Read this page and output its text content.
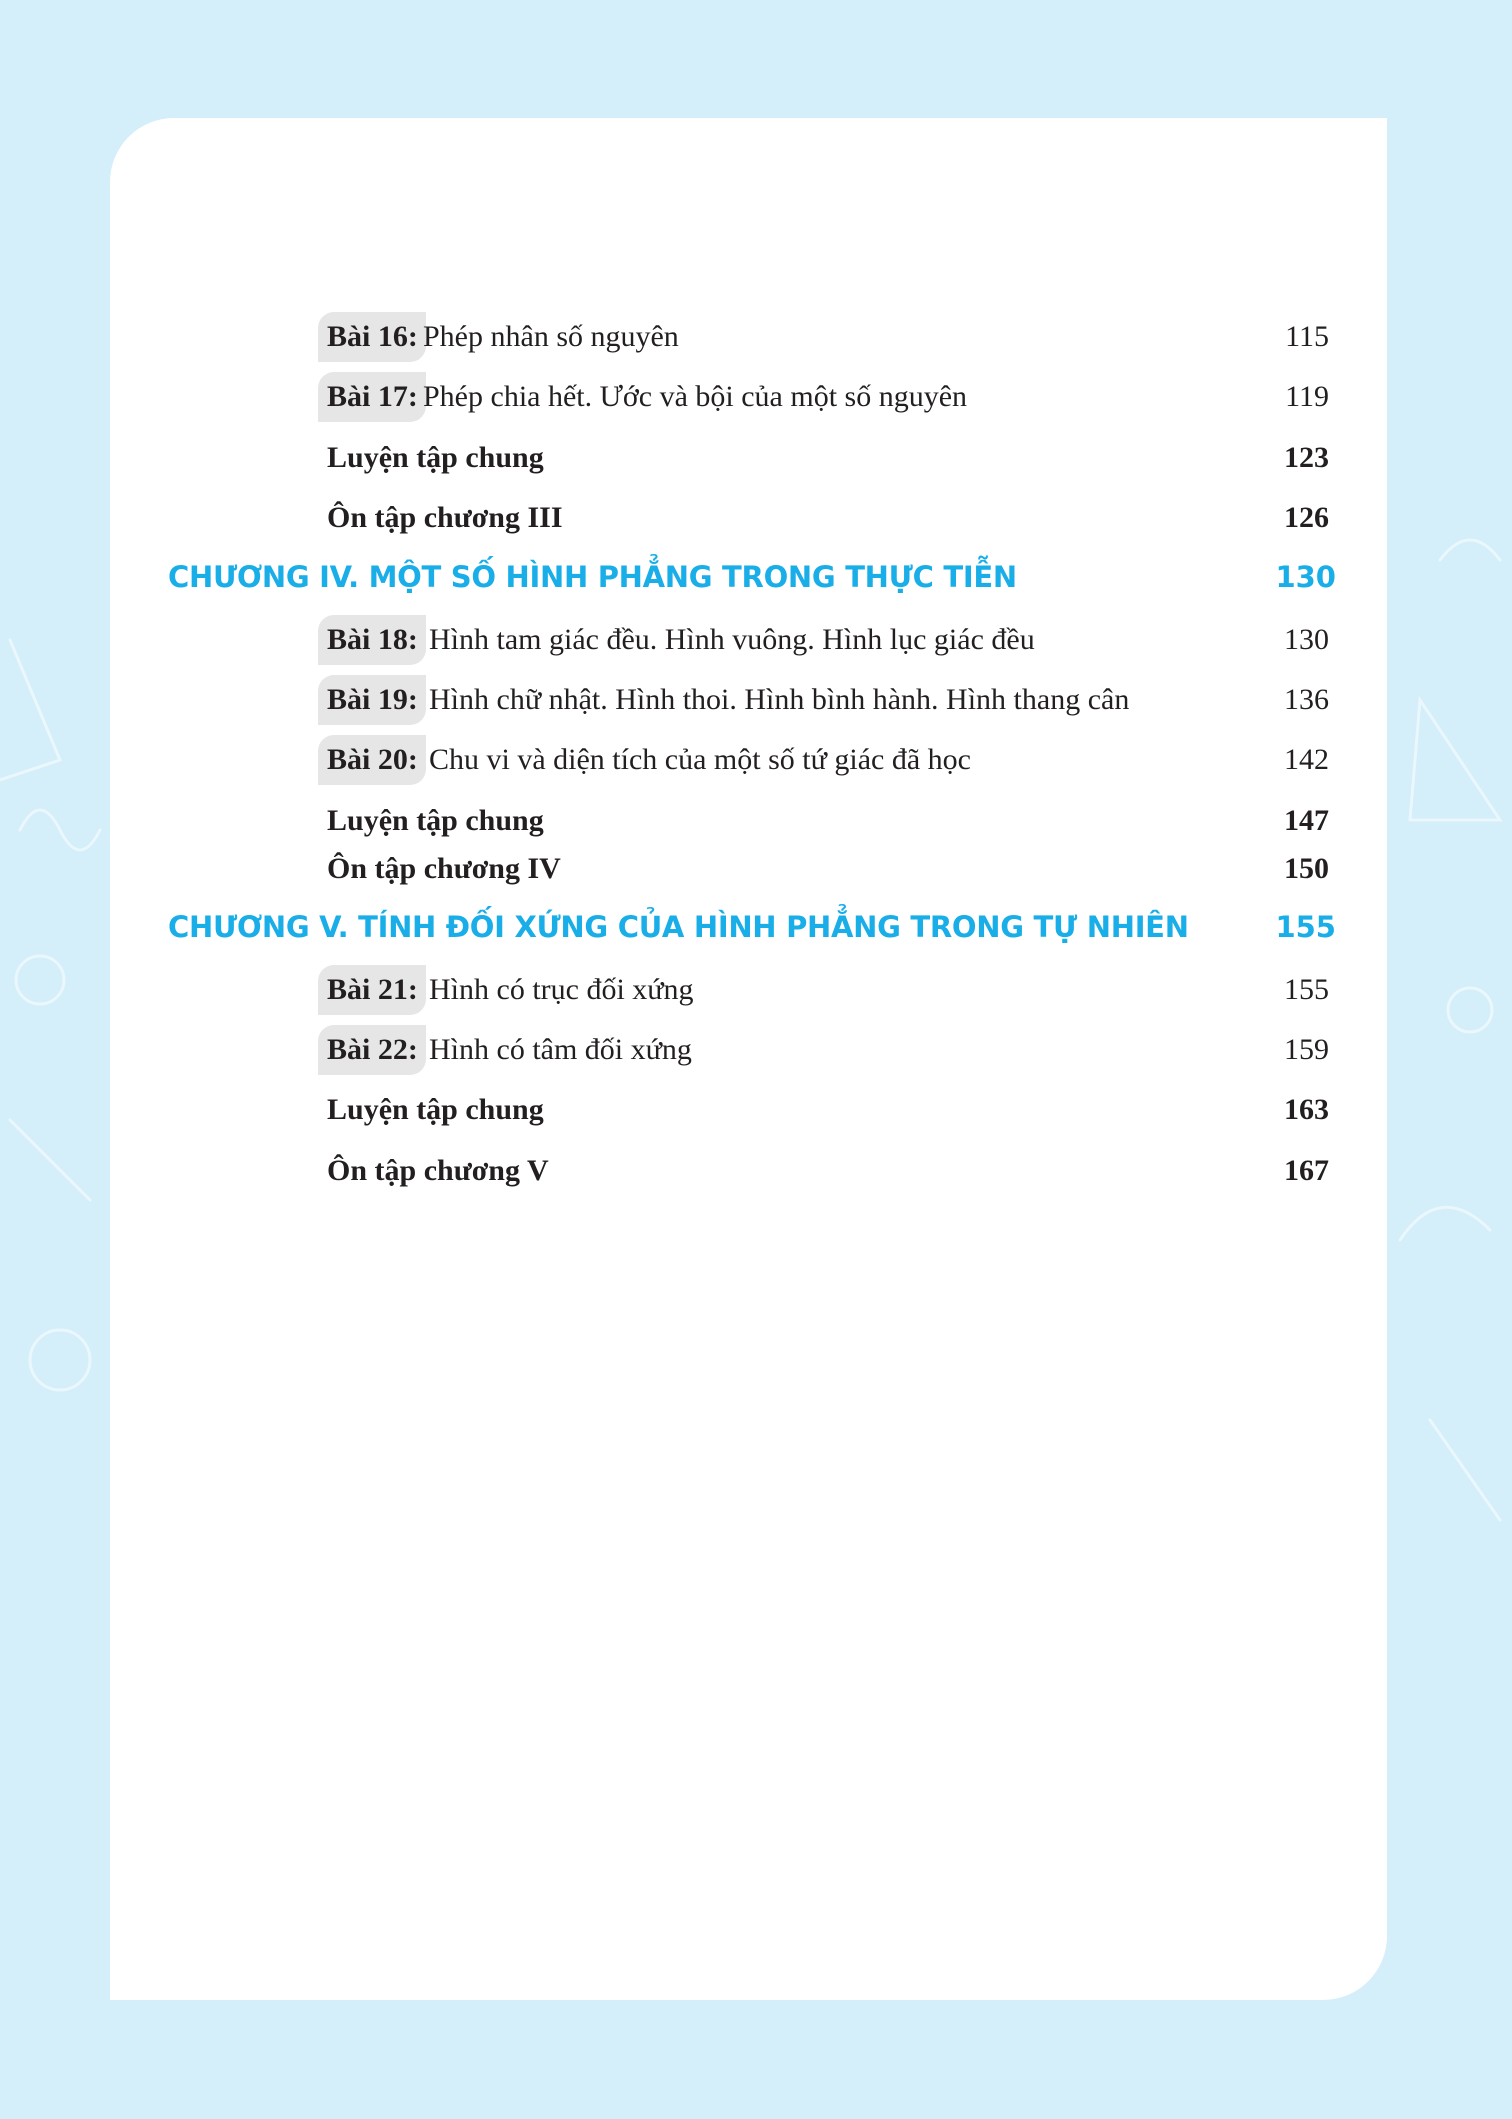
Bài 16: Phép nhân số nguyên	115
Bài 17: Phép chia hết. Ước và bội của một số nguyên	119
Luyện tập chung	123
Ôn tập chương III	126
CHƯƠNG IV. MỘT SỐ HÌNH PHẲNG TRONG THỰC TIỄN	130
Bài 18: Hình tam giác đều. Hình vuông. Hình lục giác đều	130
Bài 19: Hình chữ nhật. Hình thoi. Hình bình hành. Hình thang cân	136
Bài 20: Chu vi và diện tích của một số tứ giác đã học	142
Luyện tập chung	147
Ôn tập chương IV	150
CHƯƠNG V. TÍNH ĐỐI XỨNG CỦA HÌNH PHẲNG TRONG TỰ NHIÊN	155
Bài 21: Hình có trục đối xứng	155
Bài 22: Hình có tâm đối xứng	159
Luyện tập chung	163
Ôn tập chương V	167
